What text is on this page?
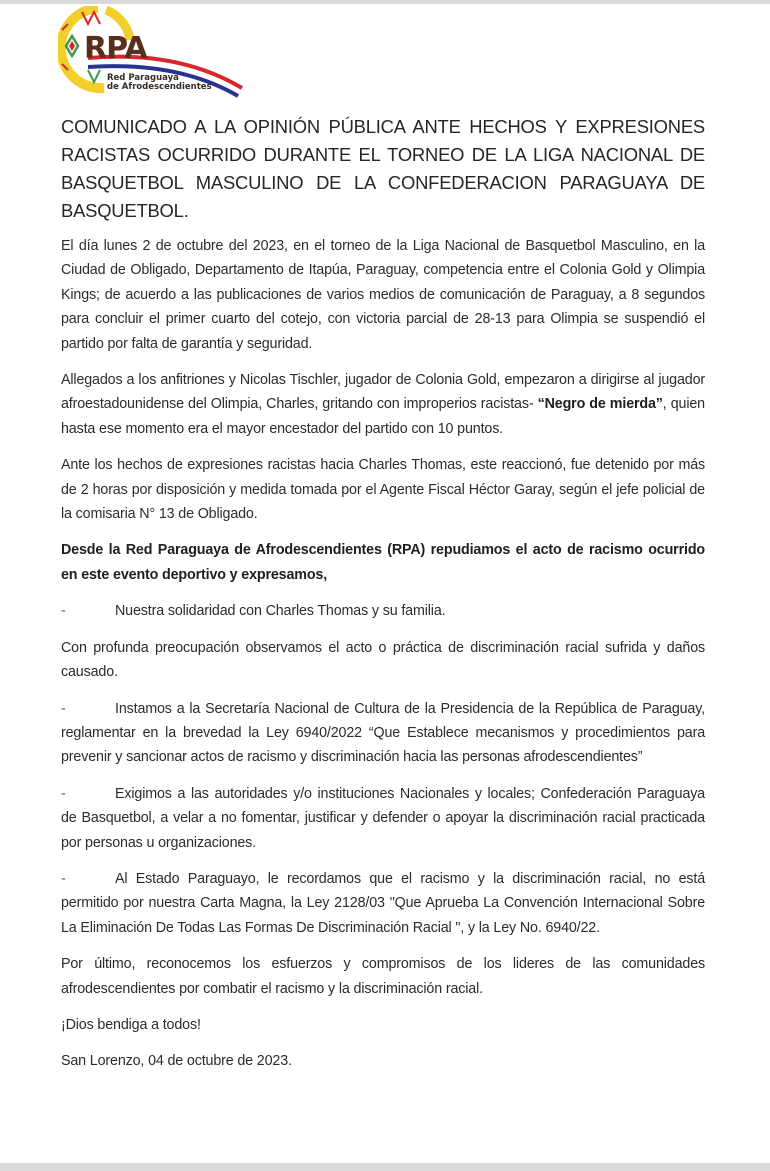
RPA
Red Paraguaya
de Afrodescendientes
COMUNICADO A LA OPINIÓN PÚBLICA ANTE HECHOS Y EXPRESIONES RACISTAS OCURRIDO DURANTE EL TORNEO DE LA LIGA NACIONAL DE BASQUETBOL MASCULINO DE LA CONFEDERACION PARAGUAYA DE BASQUETBOL.

El día lunes 2 de octubre del 2023, en el torneo de la Liga Nacional de Basquetbol Masculino, en la Ciudad de Obligado, Departamento de Itapúa, Paraguay, competencia entre el Colonia Gold y Olimpia Kings; de acuerdo a las publicaciones de varios medios de comunicación de Paraguay, a 8 segundos para concluir el primer cuarto del cotejo, con victoria parcial de 28-13 para Olimpia se suspendió el partido por falta de garantía y seguridad.

Allegados a los anfitriones y Nicolas Tischler, jugador de Colonia Gold, empezaron a dirigirse al jugador afroestadounidense del Olimpia, Charles, gritando con improperios racistas- “Negro de mierda”, quien hasta ese momento era el mayor encestador del partido con 10 puntos.

Ante los hechos de expresiones racistas hacia Charles Thomas, este reaccionó, fue detenido por más de 2 horas por disposición y medida tomada por el Agente Fiscal Héctor Garay, según el jefe policial de la comisaria N° 13 de Obligado.

Desde la Red Paraguaya de Afrodescendientes (RPA) repudiamos el acto de racismo ocurrido en este evento deportivo y expresamos,

-	Nuestra solidaridad con Charles Thomas y su familia.

Con profunda preocupación observamos el acto o práctica de discriminación racial sufrida y daños causado.

-	Instamos a la Secretaría Nacional de Cultura de la Presidencia de la República de Paraguay, reglamentar en la brevedad la Ley 6940/2022 “Que Establece mecanismos y procedimientos para prevenir y sancionar actos de racismo y discriminación hacia las personas afrodescendientes”

-	Exigimos a las autoridades y/o instituciones Nacionales y locales; Confederación Paraguaya de Basquetbol, a velar a no fomentar, justificar y defender o apoyar la discriminación racial practicada por personas u organizaciones.

-	Al Estado Paraguayo, le recordamos que el racismo y la discriminación racial, no está permitido por nuestra Carta Magna, la Ley 2128/03 "Que Aprueba La Convención Internacional Sobre La Eliminación De Todas Las Formas De Discriminación Racial ", y la Ley No. 6940/22.

Por último, reconocemos los esfuerzos y compromisos de los lideres de las comunidades afrodescendientes por combatir el racismo y la discriminación racial.

¡Dios bendiga a todos!

San Lorenzo, 04 de octubre de 2023.
